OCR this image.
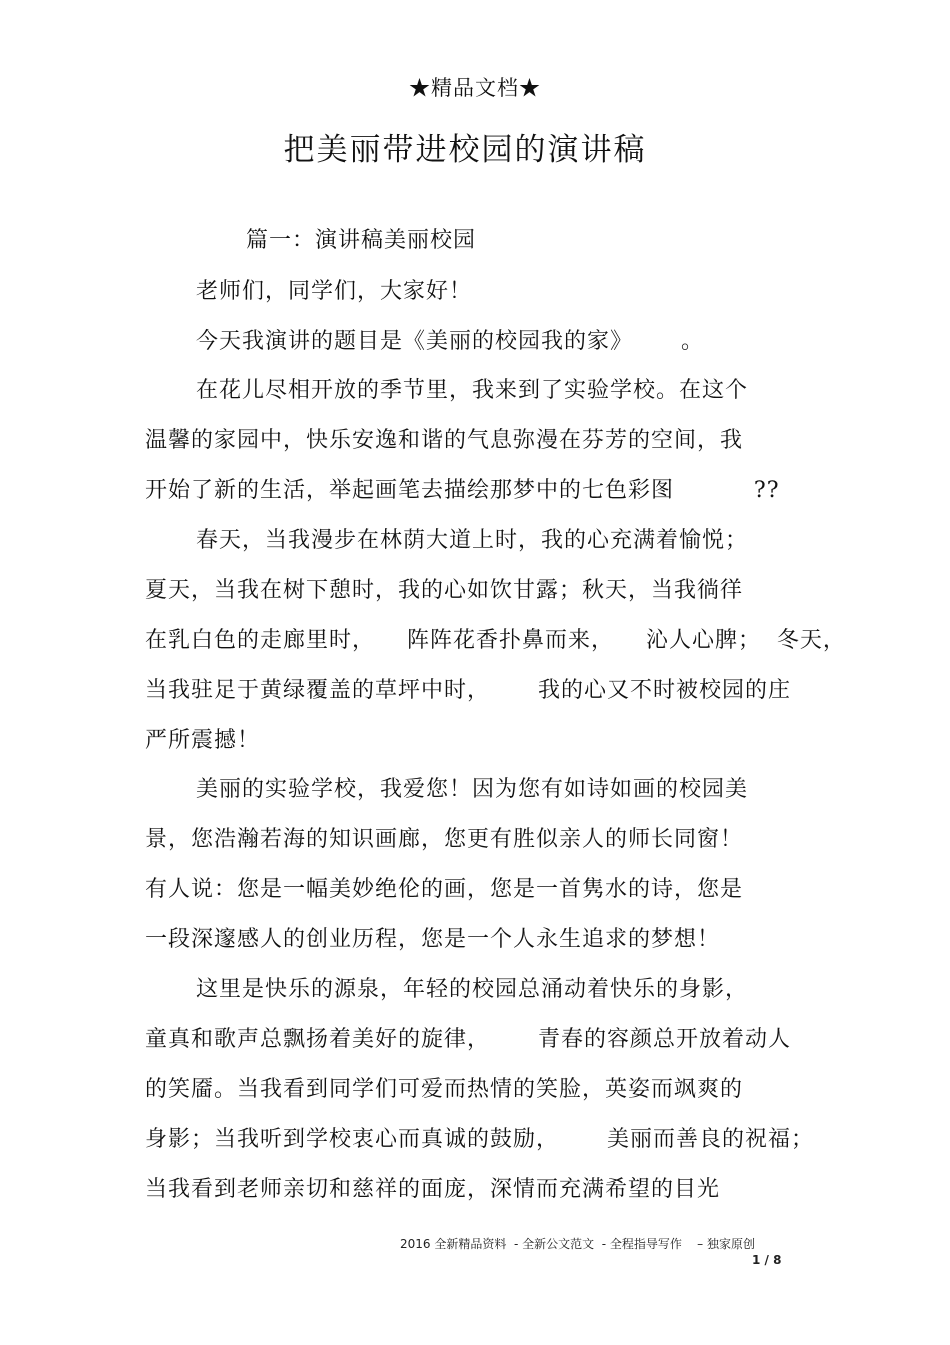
★精品文档★
把美丽带进校园的演讲稿
篇一：演讲稿美丽校园
老师们，同学们，大家好！
今天我演讲的题目是《美丽的校园我的家》      。
在花儿尽相开放的季节里，我来到了实验学校。在这个
温馨的家园中，快乐安逸和谐的气息弥漫在芬芳的空间，我
开始了新的生活，举起画笔去描绘那梦中的七色彩图          ??
春天，当我漫步在林荫大道上时，我的心充满着愉悦；
夏天，当我在树下憩时，我的心如饮甘露；秋天，当我徜徉
在乳白色的走廊里时，    阵阵花香扑鼻而来，    沁人心脾；  冬天，
当我驻足于黄绿覆盖的草坪中时，      我的心又不时被校园的庄
严所震撼！
美丽的实验学校，我爱您！因为您有如诗如画的校园美
景，您浩瀚若海的知识画廊，您更有胜似亲人的师长同窗！
有人说：您是一幅美妙绝伦的画，您是一首隽水的诗，您是
一段深邃感人的创业历程，您是一个人永生追求的梦想！
这里是快乐的源泉，年轻的校园总涌动着快乐的身影，
童真和歌声总飘扬着美好的旋律，      青春的容颜总开放着动人
的笑靥。当我看到同学们可爱而热情的笑脸，英姿而飒爽的
身影；当我听到学校衷心而真诚的鼓励，      美丽而善良的祝福；
当我看到老师亲切和慈祥的面庞，深情而充满希望的目光
2016 全新精品资料  - 全新公文范文  - 全程指导写作    – 独家原创
1 / 8
